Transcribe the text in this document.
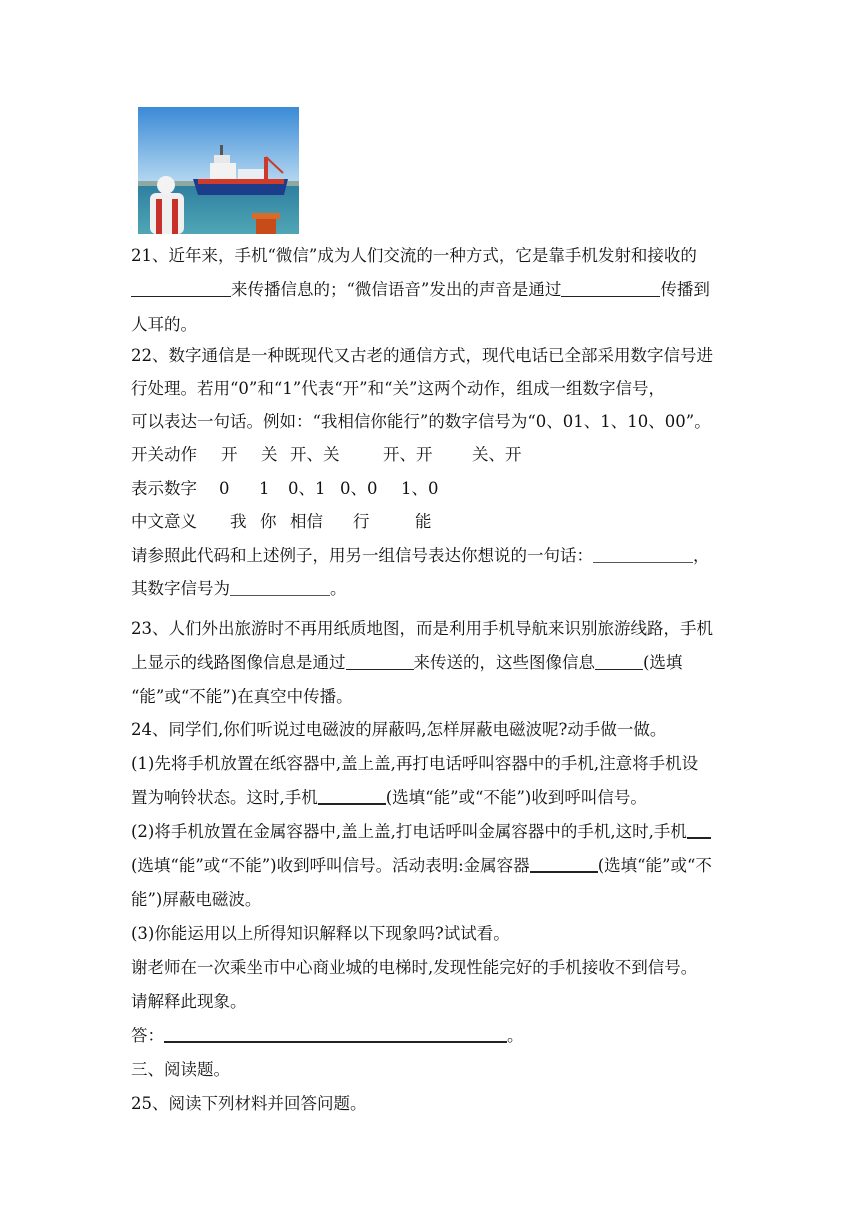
21、近年来，手机“微信”成为人们交流的一种方式，它是靠手机发射和接收的
来传播信息的；“微信语音”发出的声音是通过	传播到
人耳的。
22、数字通信是一种既现代又古老的通信方式，现代电话已全部采用数字信号进
行处理。若用“0”和“1”代表“开”和“关”这两个动作，组成一组数字信号，
可以表达一句话。例如：“我相信你能行”的数字信号为“0、01、1、10、00”。
开关动作 开 关 开、关	开、开 关、开
表示数字 0 1 0、1 0、0 1、0
中文意义 我 你 相信 行	能
请参照此代码和上述例子，用另一组信号表达你想说的一句话：	，
其数字信号为	。
23、人们外出旅游时不再用纸质地图，而是利用手机导航来识别旅游线路，手机
上显示的线路图像信息是通过	来传送的，这些图像信息	(选填
“能”或“不能”)在真空中传播。
24、同学们,你们听说过电磁波的屏蔽吗,怎样屏蔽电磁波呢?动手做一做。
(1)先将手机放置在纸容器中,盖上盖,再打电话呼叫容器中的手机,注意将手机设
置为响铃状态。这时,手机	(选填“能”或“不能”)收到呼叫信号。
(2)将手机放置在金属容器中,盖上盖,打电话呼叫金属容器中的手机,这时,手机
(选填“能”或“不能”)收到呼叫信号。活动表明:金属容器	(选填“能”或“不
能”)屏蔽电磁波。
(3)你能运用以上所得知识解释以下现象吗?试试看。
谢老师在一次乘坐市中心商业城的电梯时,发现性能完好的手机接收不到信号。
请解释此现象。
答：	。
三、阅读题。
25、阅读下列材料并回答问题。
